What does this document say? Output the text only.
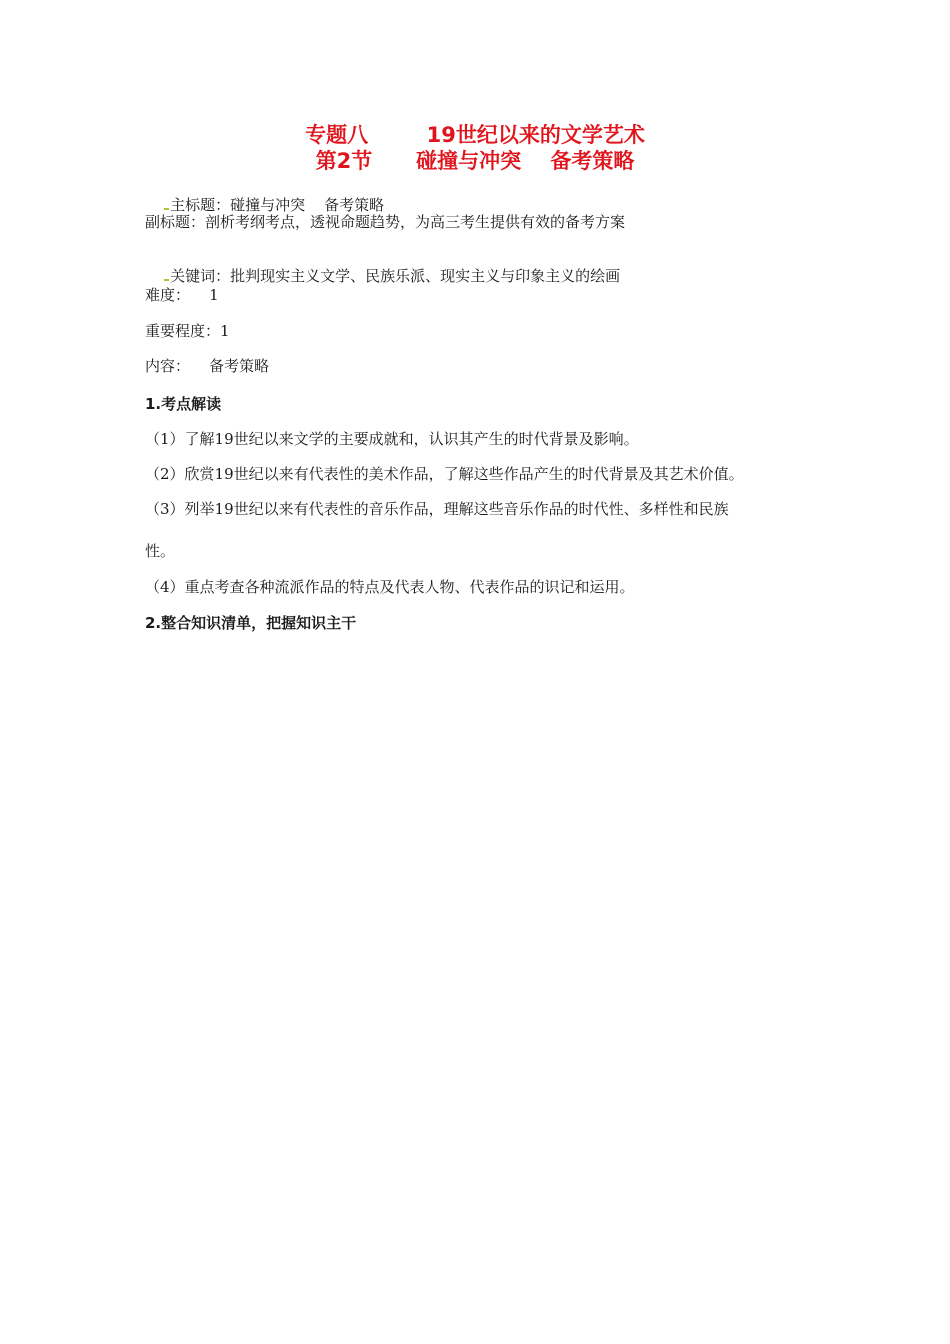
专题八        19世纪以来的文学艺术
第2节      碰撞与冲突    备考策略

主标题：碰撞与冲突    备考策略

副标题：剖析考纲考点，透视命题趋势，为高三考生提供有效的备考方案

关键词：批判现实主义文学、民族乐派、现实主义与印象主义的绘画

难度：    1
重要程度：1
内容：    备考策略
1.考点解读
（1）了解19世纪以来文学的主要成就和，认识其产生的时代背景及影响。
（2）欣赏19世纪以来有代表性的美术作品，了解这些作品产生的时代背景及其艺术价值。
（3）列举19世纪以来有代表性的音乐作品，理解这些音乐作品的时代性、多样性和民族
性。
（4）重点考查各种流派作品的特点及代表人物、代表作品的识记和运用。
2.整合知识清单，把握知识主干
